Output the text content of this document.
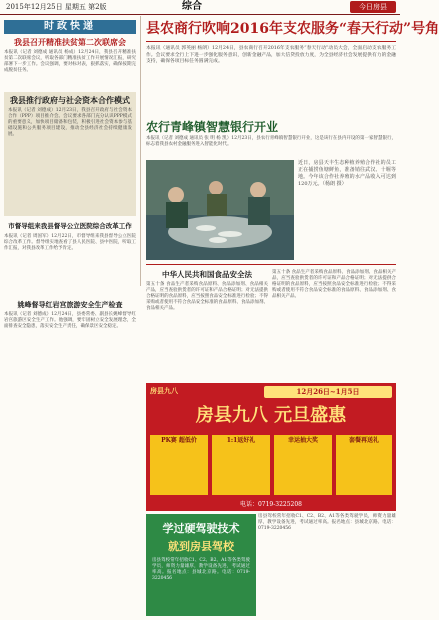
2015年12月25日 星期五 第2版	综合	今日房县
时政快递
我县召开精准扶贫第二次联席会
本报讯（记者 刘德成 通讯员 杨成）12月24日，我县召开精准扶贫第二次联席会议，听取各部门精准扶贫工作开展情况汇报，研究部署下一步工作。会议强调，要对标对表，狠抓落实，确保按期完成脱贫任务。
我县推行政府与社会资本合作模式
本报讯（记者 刘德成）12月23日，我县召开政府与社会资本合作（PPP）项目推介会。会议要求各部门充分认识PPP模式的重要意义，加快项目储备和包装，积极引进社会资本参与基础设施和公共服务项目建设，推动全县经济社会持续健康发展。
市督导组来我县督导公立医院综合改革工作
本报讯（记者 周国军）12月22日，市督导组来我县督导公立医院综合改革工作。督导组实地查看了县人民医院、县中医院，听取工作汇报，对我县改革工作给予肯定。
姚峰督导红岩宫旅游安全生产检查
本报讯（记者 刘德成）12月24日，县委常委、副县长姚峰督导红岩宫旅游区安全生产工作。他强调，要牢固树立安全发展理念，全面排查安全隐患，落实安全生产责任，确保景区安全稳定。
县农商行吹响2016年支农服务“春天行动”号角
本报讯（通讯员 郭英丽 杨朗）12月24日，县农商行召开2016年支农服务“春天行动”动员大会，全面启动支农服务工作。会议要求全行上下进一步强化服务意识，创新金融产品，加大信贷投放力度，为全县经济社会发展提供有力的金融支持，确保各项目标任务圆满完成。
农行青峰镇智慧银行开业
本报讯（记者 刘德成 通讯员 张 明 杨 凯）12月23日，县农行青峰镇智慧银行开业，这是该行在县内开设的第一家智慧银行，标志着我县农村金融服务进入智能化时代。
近日，房县天丰生态种植养殖合作社的员工正在捕捞鱼塘鲜鱼，准备销往武汉、十堰等地。今年该合作社养殖的水产品收入可达到120万元。（杨朗 摄）
中华人民共和国食品安全法
第五十条 食品生产者采购食品原料、食品添加剂、食品相关产品，应当查验供货者的许可证和产品合格证明；对无法提供合格证明的食品原料，应当按照食品安全标准进行检验；不得采购或者使用不符合食品安全标准的食品原料、食品添加剂、食品相关产品。
第五十条 食品生产者采购食品原料、食品添加剂、食品相关产品，应当查验供货者的许可证和产品合格证明；对无法提供合格证明的食品原料，应当按照食品安全标准进行检验；不得采购或者使用不符合食品安全标准的食品原料、食品添加剂、食品相关产品。
房县九八	12月26日~1月5日
房县九八 元旦盛惠
PK赛 超低价	1:1返好礼	幸运抽大奖	套餐再送礼
电话：0719-3225208
学过硬驾驶技术
就到房县驾校
房县驾校常年招收C1、C2、B2、A1等各类驾驶学员，师资力量雄厚，教学设备先进，考试通过率高。报名地点：县城北京路。电话：0719-3220456
房县驾校常年招收C1、C2、B2、A1等各类驾驶学员，师资力量雄厚，教学设备先进，考试通过率高。报名地点：县城北京路。电话：0719-3220456
